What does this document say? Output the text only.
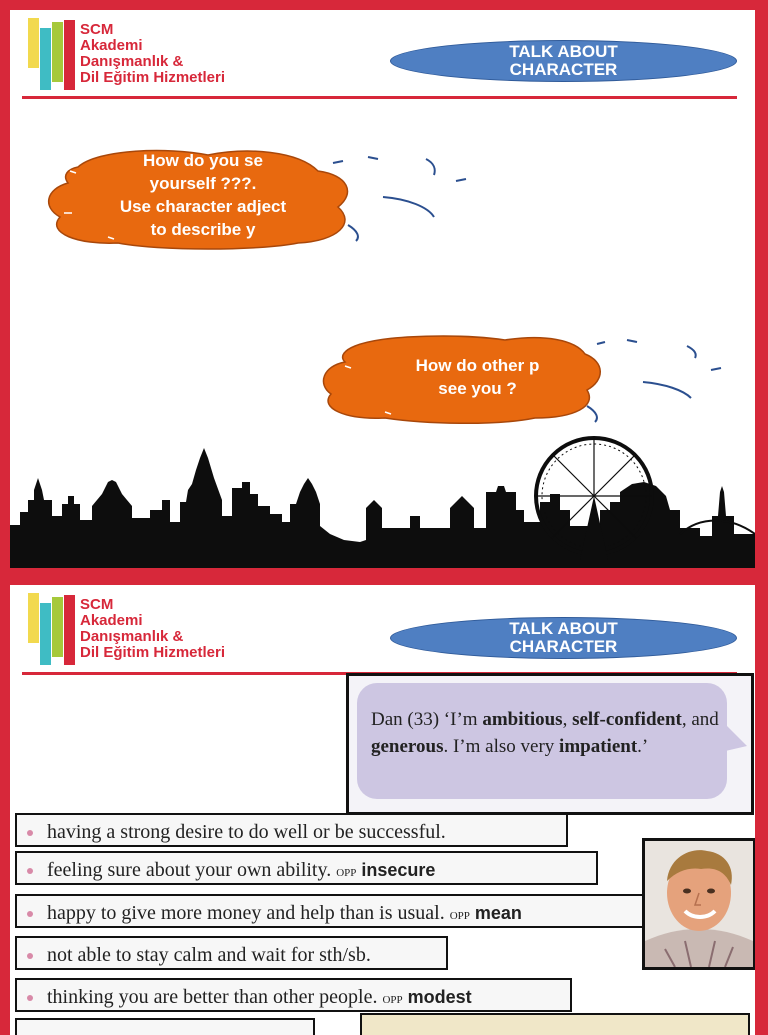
SCM
Akademi
Danışmanlık &
Dil Eğitim Hizmetleri
TALK ABOUT
CHARACTER
How do you se
yourself ???.
Use character adject
to describe y
How do other p
see you ?
SCM
Akademi
Danışmanlık &
Dil Eğitim Hizmetleri
TALK ABOUT
CHARACTER
Dan (33) ‘I’m ambitious, self-confident, and generous. I’m also very impatient.’
having a strong desire to do well or be successful.
feeling sure about your own ability. opp insecure
happy to give more money and help than is usual. opp mean
not able to stay calm and wait for sth/sb.
thinking you are better than other people. opp modest
